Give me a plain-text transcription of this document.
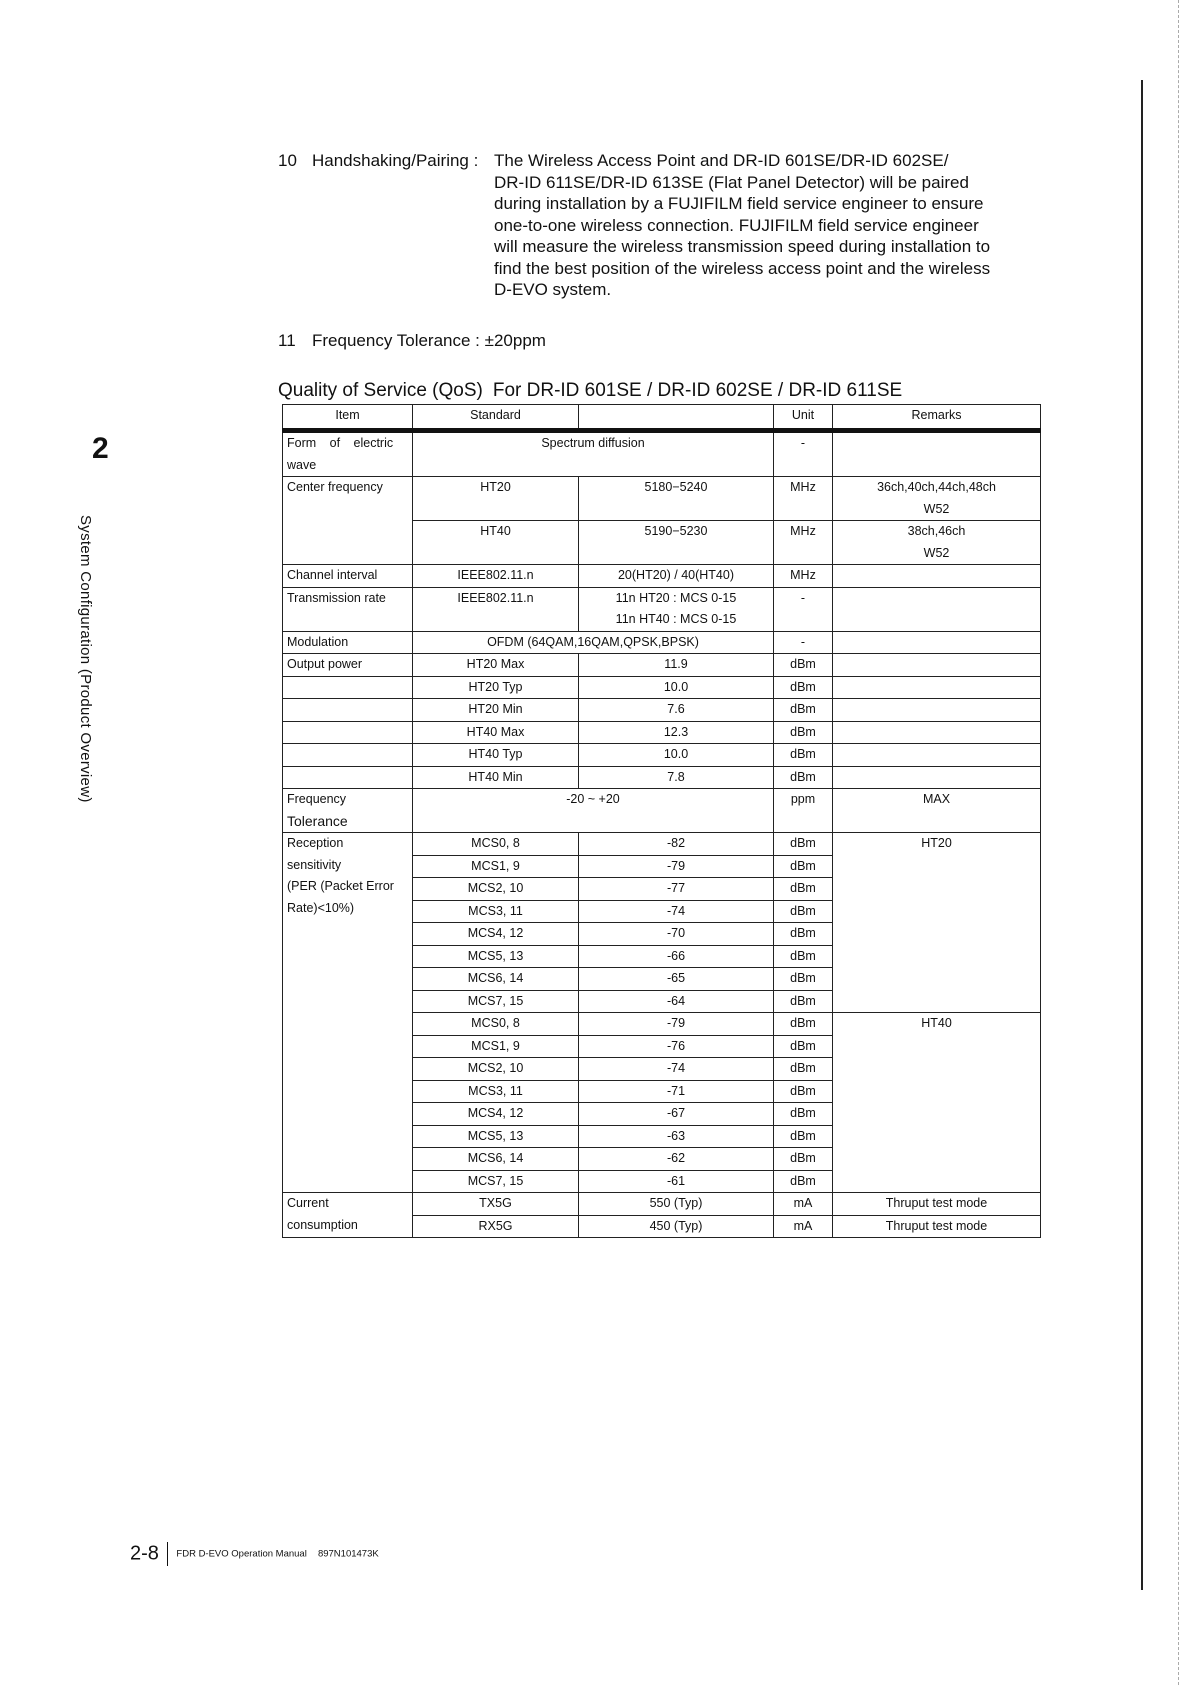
2
System Configuration (Product Overview)
10 Handshaking/Pairing : The Wireless Access Point and DR-ID 601SE/DR-ID 602SE/
DR-ID 611SE/DR-ID 613SE (Flat Panel Detector) will be paired
during installation by a FUJIFILM field service engineer to ensure
one-to-one wireless connection. FUJIFILM field service engineer
will measure the wireless transmission speed during installation to
find the best position of the wireless access point and the wireless
D-EVO system.
11 Frequency Tolerance : ±20ppm
Quality of Service (QoS) For DR-ID 601SE / DR-ID 602SE / DR-ID 611SE
Item	Standard		Unit	Remarks

Form of electric
wave	Spectrum diffusion		-	
Center frequency	HT20	5180−5240	MHz	36ch,40ch,44ch,48ch
W52

	HT40	5190−5230	MHz	38ch,46ch
W52

Channel interval	IEEE802.11.n	20(HT20) / 40(HT40)	MHz	
Transmission rate	IEEE802.11.n	11n HT20 : MCS 0-15
11n HT40 : MCS 0-15	-	
Modulation	OFDM (64QAM,16QAM,QPSK,BPSK)		-	
Output power	HT20 Max	11.9	dBm	
	HT20 Typ	10.0	dBm	
	HT20 Min	7.6	dBm	
	HT40 Max	12.3	dBm	
	HT40 Typ	10.0	dBm	
	HT40 Min	7.8	dBm	

Frequency
Tolerance	-20 ~ +20		ppm	MAX

Reception
sensitivity
(PER (Packet Error
Rate)<10%)	MCS0, 8	-82	dBm	HT20
	MCS1, 9	-79	dBm	
	MCS2, 10	-77	dBm	
	MCS3, 11	-74	dBm	
	MCS4, 12	-70	dBm	
	MCS5, 13	-66	dBm	
	MCS6, 14	-65	dBm	
	MCS7, 15	-64	dBm	
	MCS0, 8	-79	dBm	HT40
	MCS1, 9	-76	dBm	
	MCS2, 10	-74	dBm	
	MCS3, 11	-71	dBm	
	MCS4, 12	-67	dBm	
	MCS5, 13	-63	dBm	
	MCS6, 14	-62	dBm	
	MCS7, 15	-61	dBm	

Current
consumption	TX5G	550 (Typ)	mA	Thruput test mode
	RX5G	450 (Typ)	mA	Thruput test mode
2-8 FDR D-EVO Operation Manual 897N101473K
